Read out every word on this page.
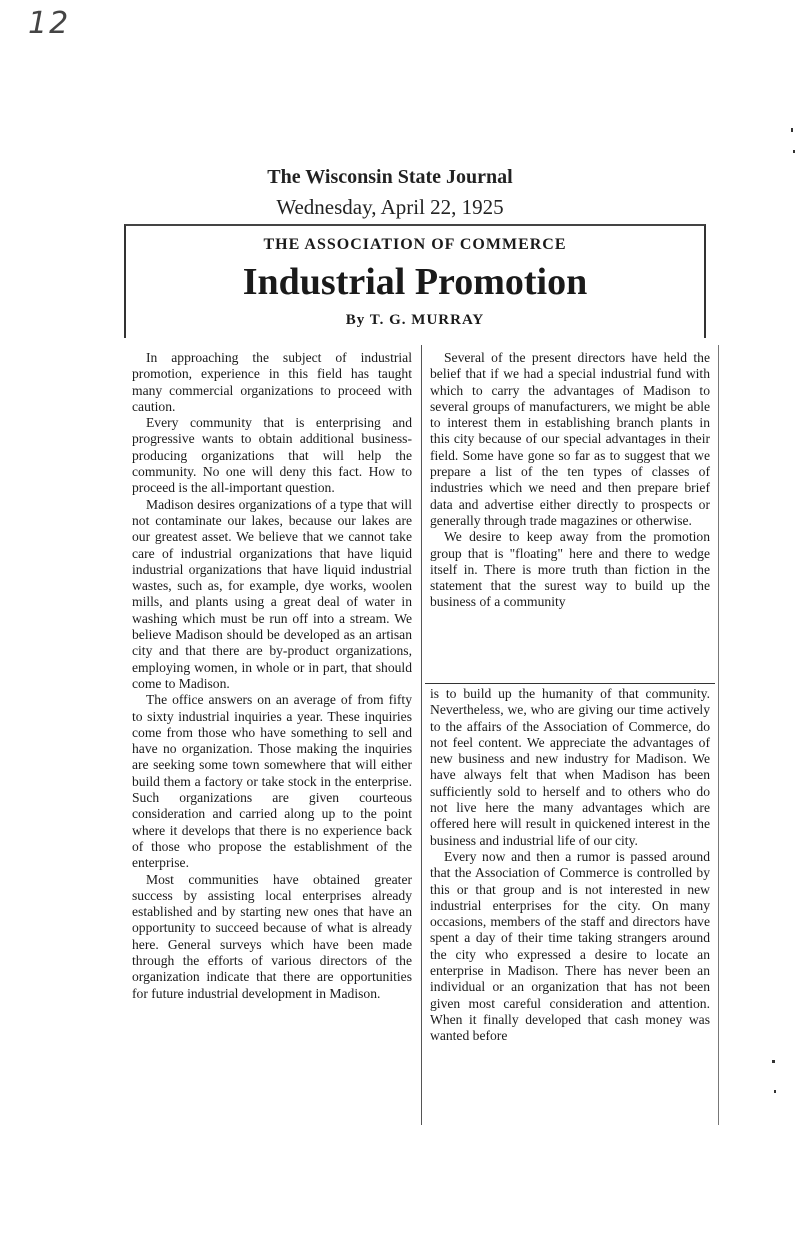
12
The Wisconsin State Journal
Wednesday, April 22, 1925
THE ASSOCIATION OF COMMERCE
Industrial Promotion
By T. G. MURRAY

In approaching the subject of industrial promotion, experience in this field has taught many commercial organizations to proceed with caution.

Every community that is enterprising and progressive wants to obtain additional business-producing organizations that will help the community. No one will deny this fact. How to proceed is the all-important question.

Madison desires organizations of a type that will not contaminate our lakes, because our lakes are our greatest asset. We believe that we cannot take care of industrial organizations that have liquid industrial organizations that have liquid industrial wastes, such as, for example, dye works, woolen mills, and plants using a great deal of water in washing which must be run off into a stream. We believe Madison should be developed as an artisan city and that there are by-product organizations, employing women, in whole or in part, that should come to Madison.

The office answers on an average of from fifty to sixty industrial inquiries a year. These inquiries come from those who have something to sell and have no organization. Those making the inquiries are seeking some town somewhere that will either build them a factory or take stock in the enterprise. Such organizations are given courteous consideration and carried along up to the point where it develops that there is no experience back of those who propose the establishment of the enterprise.

Most communities have obtained greater success by assisting local enterprises already established and by starting new ones that have an opportunity to succeed because of what is already here. General surveys which have been made through the efforts of various directors of the organization indicate that there are opportunities for future industrial development in Madison.

Several of the present directors have held the belief that if we had a special industrial fund with which to carry the advantages of Madison to several groups of manufacturers, we might be able to interest them in establishing branch plants in this city because of our special advantages in their field. Some have gone so far as to suggest that we prepare a list of the ten types of classes of industries which we need and then prepare brief data and advertise either directly to prospects or generally through trade magazines or otherwise.

We desire to keep away from the promotion group that is "floating" here and there to wedge itself in. There is more truth than fiction in the statement that the surest way to build up the business of a community

is to build up the humanity of that community. Nevertheless, we, who are giving our time actively to the affairs of the Association of Commerce, do not feel content. We appreciate the advantages of new business and new industry for Madison. We have always felt that when Madison has been sufficiently sold to herself and to others who do not live here the many advantages which are offered here will result in quickened interest in the business and industrial life of our city.

Every now and then a rumor is passed around that the Association of Commerce is controlled by this or that group and is not interested in new industrial enterprises for the city. On many occasions, members of the staff and directors have spent a day of their time taking strangers around the city who expressed a desire to locate an enterprise in Madison. There has never been an individual or an organization that has not been given most careful consideration and attention. When it finally developed that cash money was wanted before
